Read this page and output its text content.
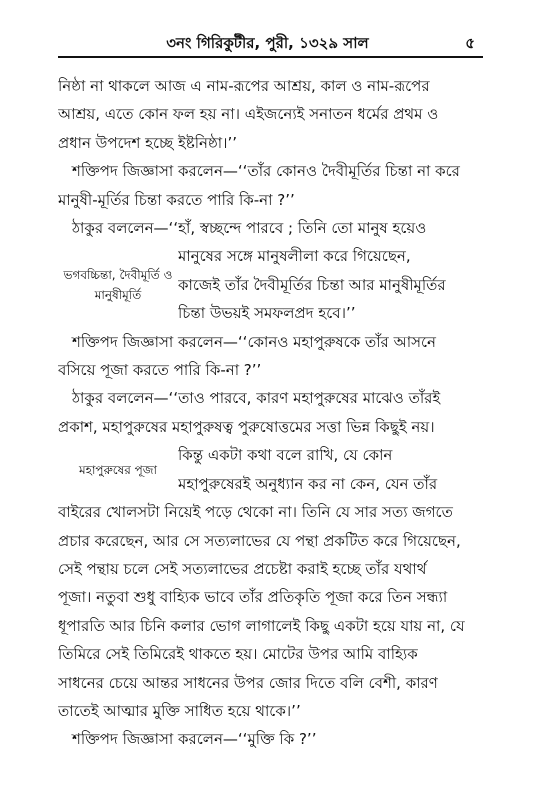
৩নং গিরিকুটীর, পুরী, ১৩২৯ সাল	৫

নিষ্ঠা না থাকলে আজ এ নাম-রূপের আশ্রয়, কাল ও নাম-রূপের
আশ্রয়, এতে কোন ফল হয় না। এইজন্যেই সনাতন ধর্মের প্রথম ও
প্রধান উপদেশ হচ্ছে ইষ্টনিষ্ঠা।’’

শক্তিপদ জিজ্ঞাসা করলেন—‘‘তাঁর কোনও দৈবীমূর্তির চিন্তা না করে
মানুষী-মূর্তির চিন্তা করতে পারি কি-না ?’’

ঠাকুর বললেন—‘‘হাঁ, স্বচ্ছন্দে পারবে ; তিনি তো মানুষ হয়েও
ভগবচ্চিন্তা, দৈবীমূর্তি ও মানুষীমূর্তি
মানুষের সঙ্গে মানুষলীলা করে গিয়েছেন,
কাজেই তাঁর দৈবীমূর্তির চিন্তা আর মানুষীমূর্তির
চিন্তা উভয়ই সমফলপ্রদ হবে।’’

শক্তিপদ জিজ্ঞাসা করলেন—‘‘কোনও মহাপুরুষকে তাঁর আসনে
বসিয়ে পূজা করতে পারি কি-না ?’’

ঠাকুর বললেন—‘‘তাও পারবে, কারণ মহাপুরুষের মাঝেও তাঁরই
প্রকাশ, মহাপুরুষের মহাপুরুষত্ব পুরুষোত্তমের সত্তা ভিন্ন কিছুই নয়।
মহাপুরুষের পূজা
কিন্তু একটা কথা বলে রাখি, যে কোন
মহাপুরুষেরই অনুধ্যান কর না কেন, যেন তাঁর
বাইরের খোলসটা নিয়েই পড়ে থেকো না। তিনি যে সার সত্য জগতে
প্রচার করেছেন, আর সে সত্যলাভের যে পন্থা প্রকটিত করে গিয়েছেন,
সেই পন্থায় চলে সেই সত্যলাভের প্রচেষ্টা করাই হচ্ছে তাঁর যথার্থ
পূজা। নতুবা শুধু বাহ্যিক ভাবে তাঁর প্রতিকৃতি পূজা করে তিন সন্ধ্যা
ধূপারতি আর চিনি কলার ভোগ লাগালেই কিছু একটা হয়ে যায় না, যে
তিমিরে সেই তিমিরেই থাকতে হয়। মোটের উপর আমি বাহ্যিক
সাধনের চেয়ে আন্তর সাধনের উপর জোর দিতে বলি বেশী, কারণ
তাতেই আত্মার মুক্তি সাধিত হয়ে থাকে।’’

শক্তিপদ জিজ্ঞাসা করলেন—‘‘মুক্তি কি ?’’
